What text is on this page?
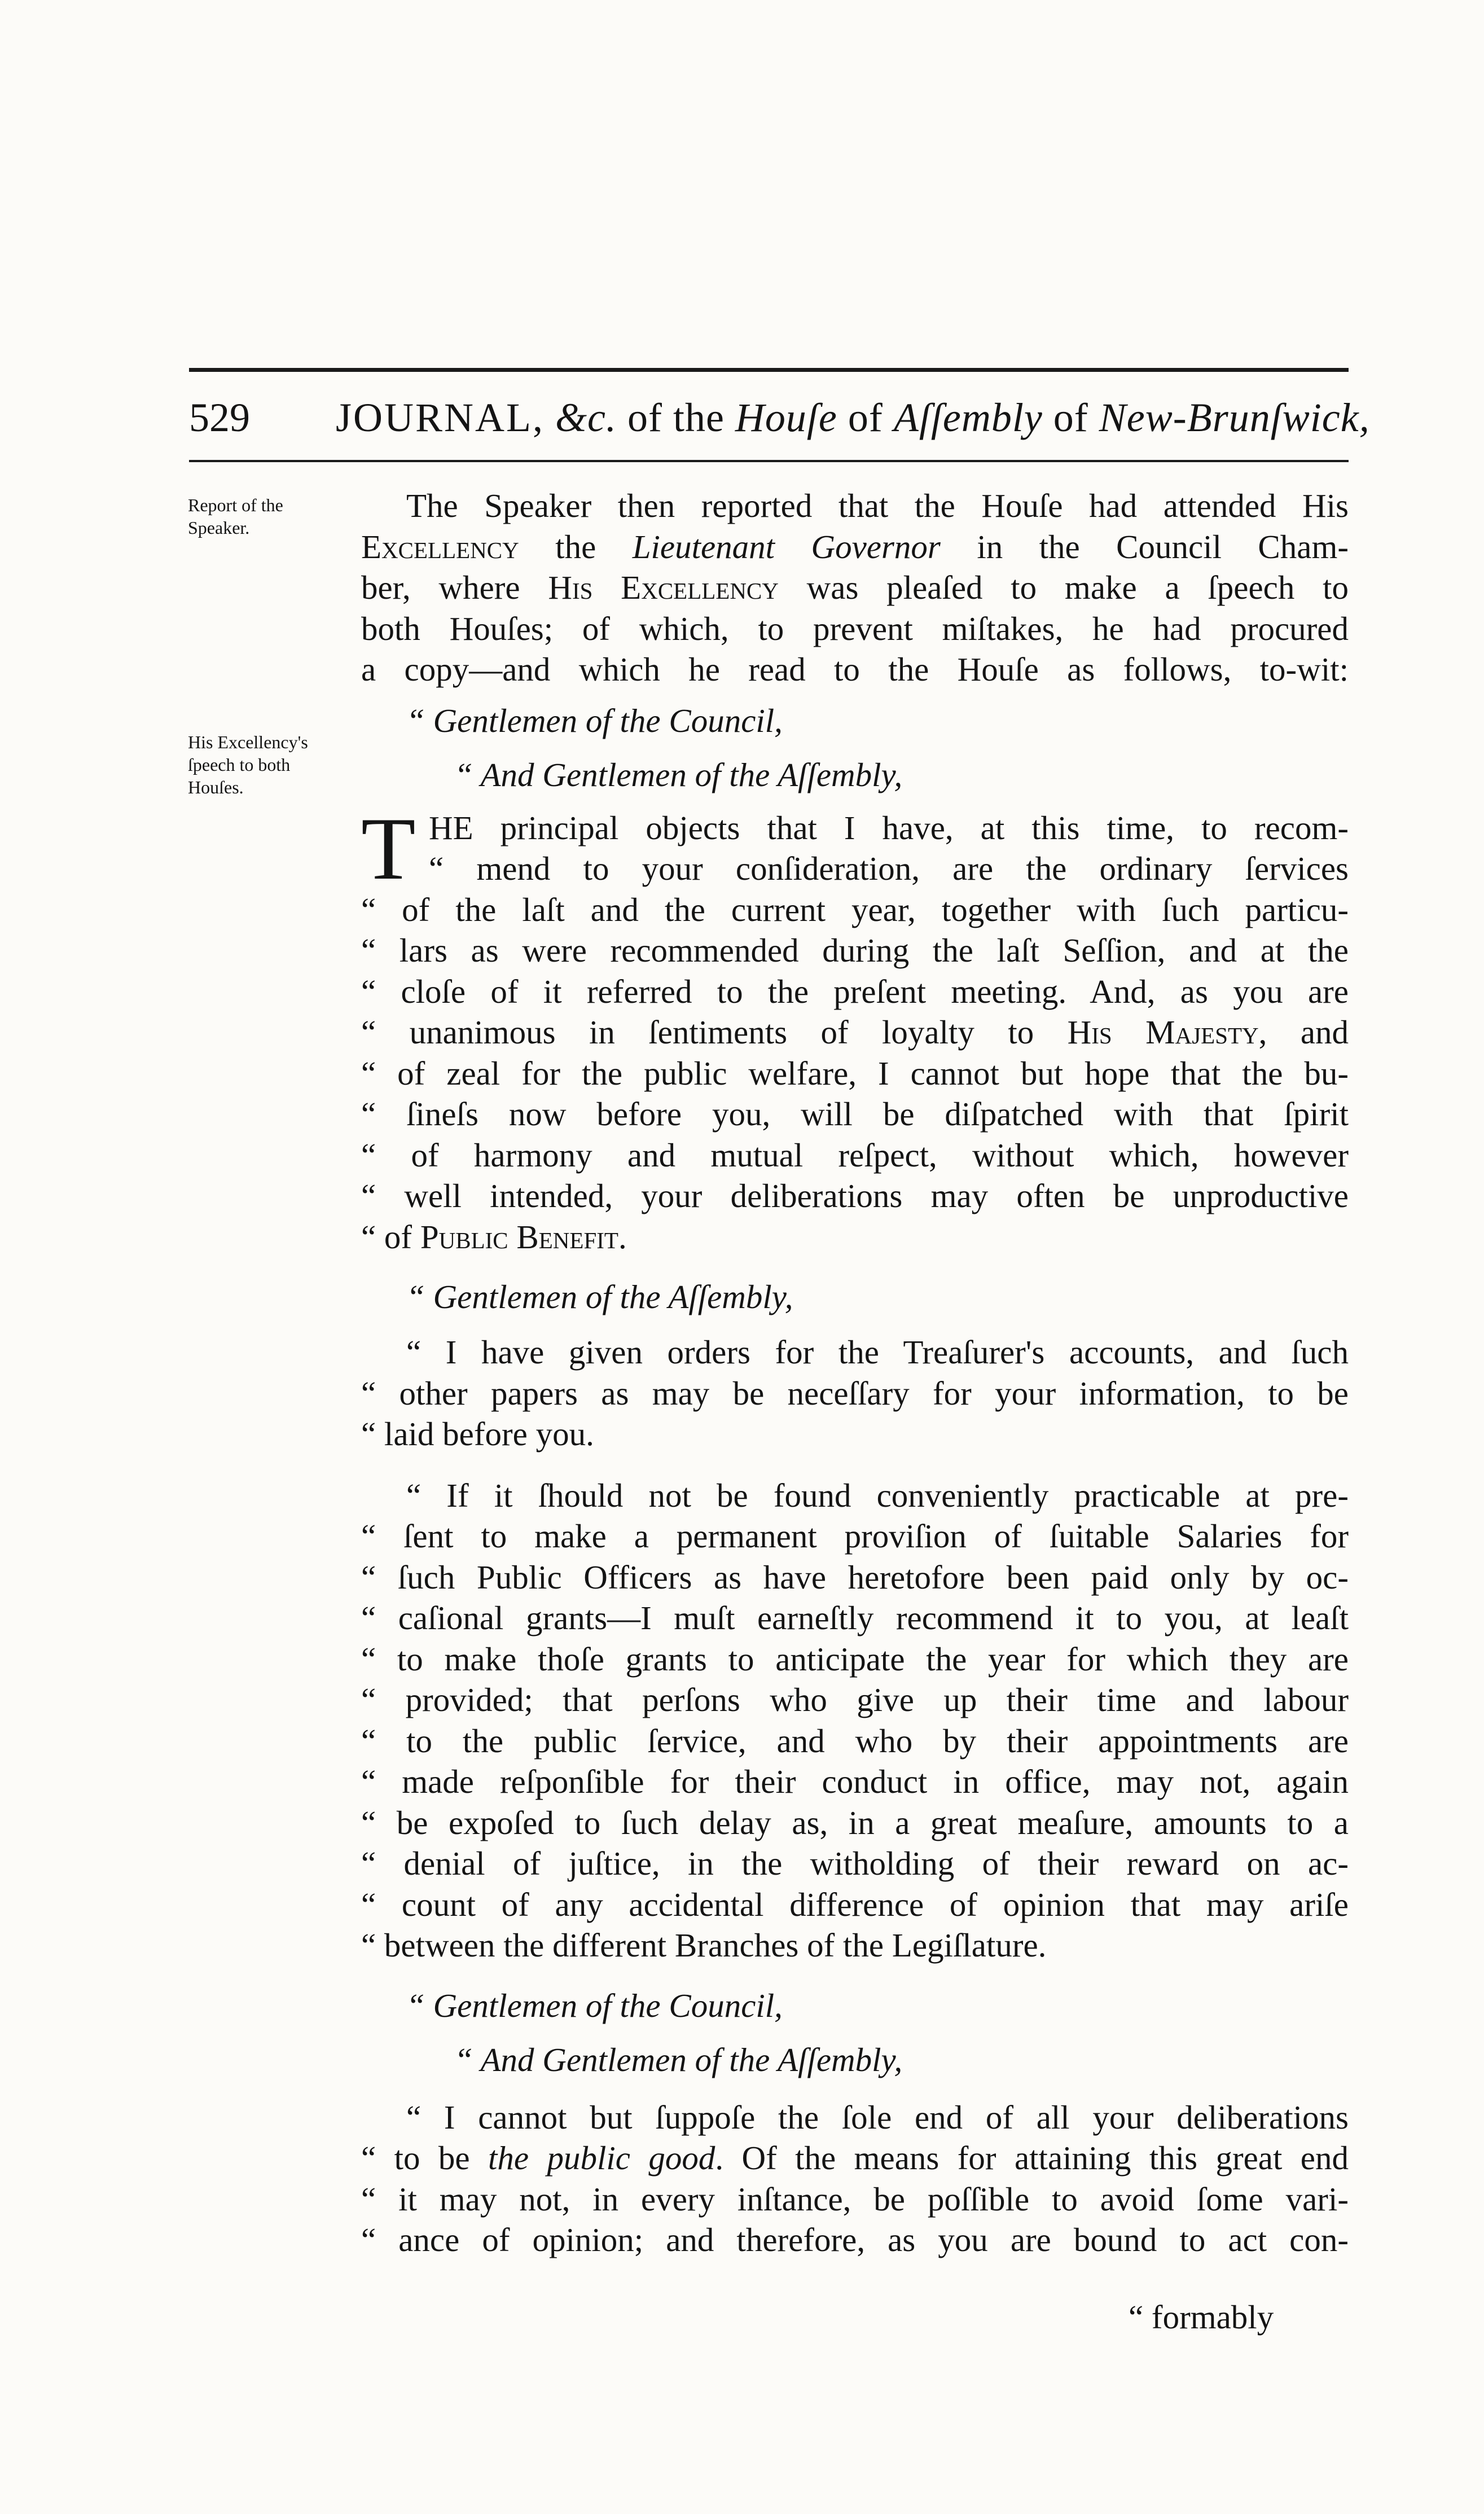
529 JOURNAL, &c. of the Houſe of Aſſembly of New-Brunſwick,
Report of the
Speaker.
His Excellency's
ſpeech to both
Houſes.
The Speaker then reported that the Houſe had attended His
Excellency the Lieutenant Governor in the Council Cham-
ber, where His Excellency was pleaſed to make a ſpeech to
both Houſes; of which, to prevent miſtakes, he had procured
a copy—and which he read to the Houſe as follows, to-wit:
“ Gentlemen of the Council,
“ And Gentlemen of the Aſſembly,
T HE principal objects that I have, at this time, to recom-
“ mend to your conſideration, are the ordinary ſervices
“ of the laſt and the current year, together with ſuch particu-
“ lars as were recommended during the laſt Seſſion, and at the
“ cloſe of it referred to the preſent meeting. And, as you are
“ unanimous in ſentiments of loyalty to His Majesty, and
“ of zeal for the public welfare, I cannot but hope that the bu-
“ ſineſs now before you, will be diſpatched with that ſpirit
“ of harmony and mutual reſpect, without which, however
“ well intended, your deliberations may often be unproductive
“ of Public Benefit.
“ Gentlemen of the Aſſembly,
“ I have given orders for the Treaſurer's accounts, and ſuch
“ other papers as may be neceſſary for your information, to be
“ laid before you.
“ If it ſhould not be found conveniently practicable at pre-
“ ſent to make a permanent proviſion of ſuitable Salaries for
“ ſuch Public Officers as have heretofore been paid only by oc-
“ caſional grants—I muſt earneſtly recommend it to you, at leaſt
“ to make thoſe grants to anticipate the year for which they are
“ provided; that perſons who give up their time and labour
“ to the public ſervice, and who by their appointments are
“ made reſponſible for their conduct in office, may not, again
“ be expoſed to ſuch delay as, in a great meaſure, amounts to a
“ denial of juſtice, in the witholding of their reward on ac-
“ count of any accidental difference of opinion that may ariſe
“ between the different Branches of the Legiſlature.
“ Gentlemen of the Council,
“ And Gentlemen of the Aſſembly,
“ I cannot but ſuppoſe the ſole end of all your deliberations
“ to be the public good. Of the means for attaining this great end
“ it may not, in every inſtance, be poſſible to avoid ſome vari-
“ ance of opinion; and therefore, as you are bound to act con-
“ formably
